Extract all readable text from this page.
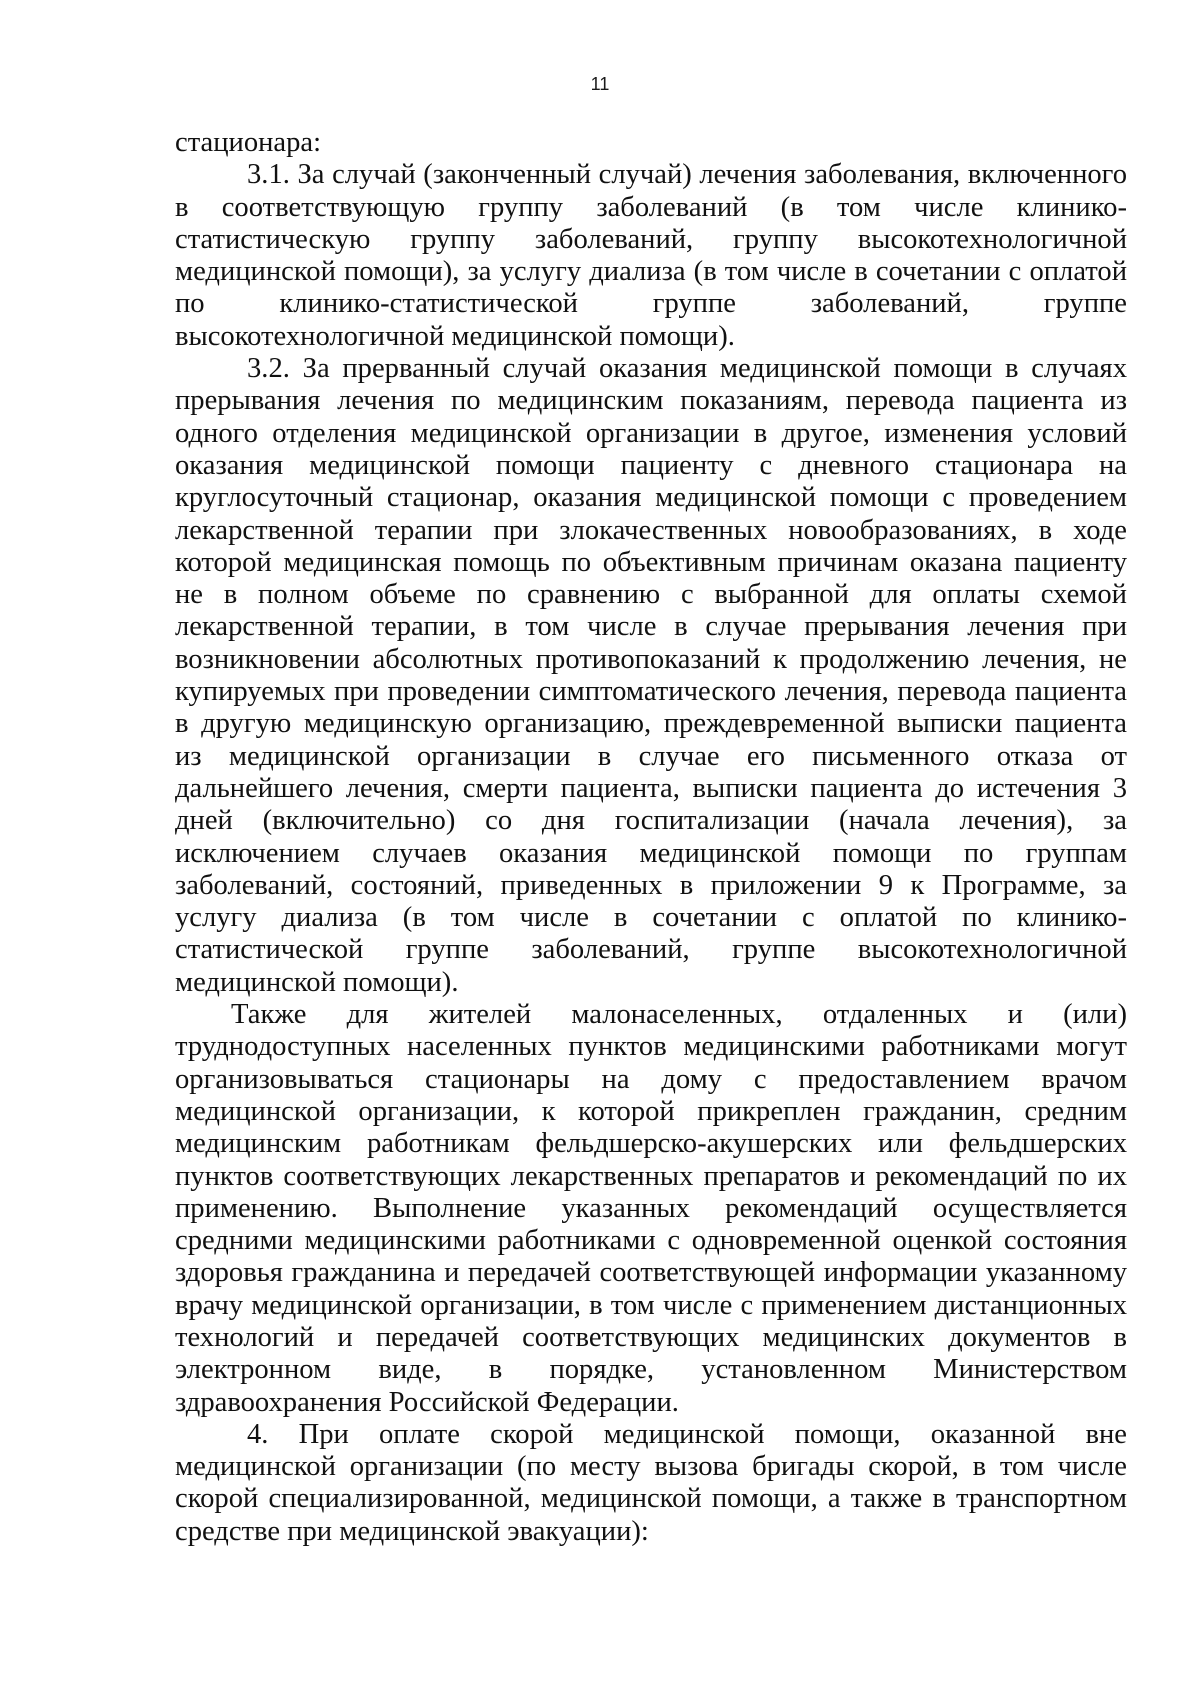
11

стационара:

3.1. За случай (законченный случай) лечения заболевания, включенного в соответствующую группу заболеваний (в том числе клинико-статистическую группу заболеваний, группу высокотехнологичной медицинской помощи), за услугу диализа (в том числе в сочетании с оплатой по клинико-статистической группе заболеваний, группе высокотехнологичной медицинской помощи).

3.2. За прерванный случай оказания медицинской помощи в случаях прерывания лечения по медицинским показаниям, перевода пациента из одного отделения медицинской организации в другое, изменения условий оказания медицинской помощи пациенту с дневного стационара на круглосуточный стационар, оказания медицинской помощи с проведением лекарственной терапии при злокачественных новообразованиях, в ходе которой медицинская помощь по объективным причинам оказана пациенту не в полном объеме по сравнению с выбранной для оплаты схемой лекарственной терапии, в том числе в случае прерывания лечения при возникновении абсолютных противопоказаний к продолжению лечения, не купируемых при проведении симптоматического лечения, перевода пациента в другую медицинскую организацию, преждевременной выписки пациента из медицинской организации в случае его письменного отказа от дальнейшего лечения, смерти пациента, выписки пациента до истечения 3 дней (включительно) со дня госпитализации (начала лечения), за исключением случаев оказания медицинской помощи по группам заболеваний, состояний, приведенных в приложении 9 к Программе, за услугу диализа (в том числе в сочетании с оплатой по клинико-статистической группе заболеваний, группе высокотехнологичной медицинской помощи).

Также для жителей малонаселенных, отдаленных и (или) труднодоступных населенных пунктов медицинскими работниками могут организовываться стационары на дому с предоставлением врачом медицинской организации, к которой прикреплен гражданин, средним медицинским работникам фельдшерско-акушерских или фельдшерских пунктов соответствующих лекарственных препаратов и рекомендаций по их применению. Выполнение указанных рекомендаций осуществляется средними медицинскими работниками с одновременной оценкой состояния здоровья гражданина и передачей соответствующей информации указанному врачу медицинской организации, в том числе с применением дистанционных технологий и передачей соответствующих медицинских документов в электронном виде, в порядке, установленном Министерством здравоохранения Российской Федерации.

4. При оплате скорой медицинской помощи, оказанной вне медицинской организации (по месту вызова бригады скорой, в том числе скорой специализированной, медицинской помощи, а также в транспортном средстве при медицинской эвакуации):
